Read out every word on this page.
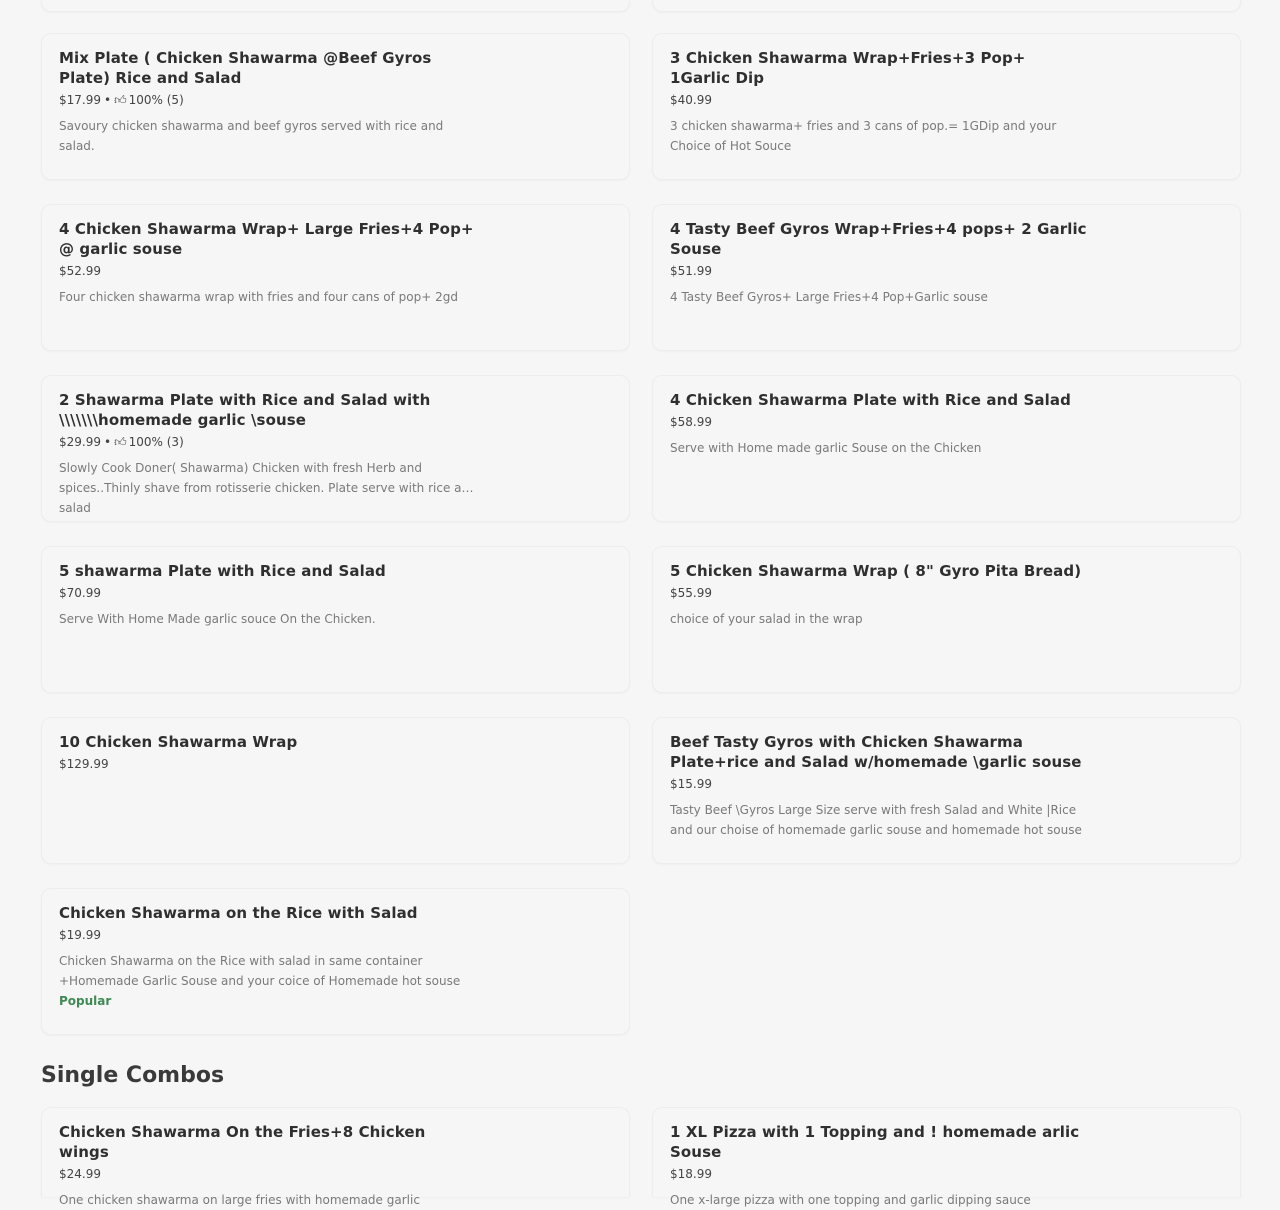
Mix Plate ( Chicken Shawarma @Beef Gyros Plate) Rice and Salad
$17.99 • 👍︎ 100% (5)
Savoury chicken shawarma and beef gyros served with rice and salad.
3 Chicken Shawarma Wrap+Fries+3 Pop+ 1Garlic Dip
$40.99
3 chicken shawarma+ fries and 3 cans of pop.= 1GDip and your Choice of Hot Souce
4 Chicken Shawarma Wrap+ Large Fries+4 Pop+ @ garlic souse
$52.99
Four chicken shawarma wrap with fries and four cans of pop+ 2gd
4 Tasty Beef Gyros Wrap+Fries+4 pops+ 2 Garlic Souse
$51.99
4 Tasty Beef Gyros+ Large Fries+4 Pop+Garlic souse
2 Shawarma Plate with Rice and Salad with \\\\\\\homemade garlic \souse
$29.99 • 👍︎ 100% (3)
Slowly Cook Doner( Shawarma) Chicken with fresh Herb and spices..Thinly shave from rotisserie chicken. Plate serve with rice and salad
4 Chicken Shawarma Plate with Rice and Salad
$58.99
Serve with Home made garlic Souse on the Chicken
5 shawarma Plate with Rice and Salad
$70.99
Serve With Home Made garlic souce On the Chicken.
5 Chicken Shawarma Wrap ( 8" Gyro Pita Bread)
$55.99
choice of your salad in the wrap
10 Chicken Shawarma Wrap
$129.99
Beef Tasty Gyros with Chicken Shawarma Plate+rice and Salad w/homemade \garlic souse
$15.99
Tasty Beef \Gyros Large Size serve with fresh Salad and White |Rice and our choise of homemade garlic souse and homemade hot souse
Chicken Shawarma on the Rice with Salad
$19.99
Chicken Shawarma on the Rice with salad in same container +Homemade Garlic Souse and your coice of Homemade hot souse
Popular
Single Combos
Chicken Shawarma On the Fries+8 Chicken wings
$24.99
One chicken shawarma on large fries with homemade garlic
1 XL Pizza with 1 Topping and ! homemade arlic Souse
$18.99
One x-large pizza with one topping and garlic dipping sauce
